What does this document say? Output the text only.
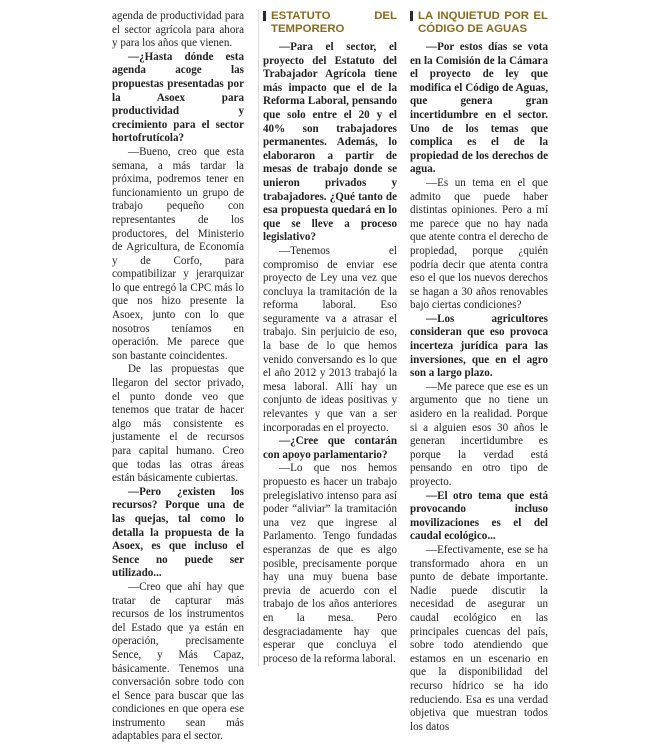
agenda de productividad para el sector agrícola para ahora y para los años que vienen.

—¿Hasta dónde esta agenda acoge las propuestas presentadas por la Asoex para productividad y crecimiento para el sector hortofrutícola?

—Bueno, creo que esta semana, a más tardar la próxima, podremos tener en funcionamiento un grupo de trabajo pequeño con representantes de los productores, del Ministerio de Agricultura, de Economía y de Corfo, para compatibilizar y jerarquizar lo que entregó la CPC más lo que nos hizo presente la Asoex, junto con lo que nosotros teníamos en operación. Me parece que son bastante coincidentes.

De las propuestas que llegaron del sector privado, el punto donde veo que tenemos que tratar de hacer algo más consistente es justamente el de recursos para capital humano. Creo que todas las otras áreas están básicamente cubiertas.

—Pero ¿existen los recursos? Porque una de las quejas, tal como lo detalla la propuesta de la Asoex, es que incluso el Sence no puede ser utilizado...

—Creo que ahí hay que tratar de capturar más recursos de los instrumentos del Estado que ya están en operación, precisamente Sence, y Más Capaz, básicamente. Tenemos una conversación sobre todo con el Sence para buscar que las condiciones en que opera ese instrumento sean más adaptables para el sector.

ESTATUTO DEL TEMPORERO

—Para el sector, el proyecto del Estatuto del Trabajador Agrícola tiene más impacto que el de la Reforma Laboral, pensando que solo entre el 20 y el 40% son trabajadores permanentes. Además, lo elaboraron a partir de mesas de trabajo donde se unieron privados y trabajadores. ¿Qué tanto de esa propuesta quedará en lo que se lleve a proceso legislativo?

—Tenemos el compromiso de enviar ese proyecto de Ley una vez que concluya la tramitación de la reforma laboral. Eso seguramente va a atrasar el trabajo. Sin perjuicio de eso, la base de lo que hemos venido conversando es lo que el año 2012 y 2013 trabajó la mesa laboral. Allí hay un conjunto de ideas positivas y relevantes y que van a ser incorporadas en el proyecto.

—¿Cree que contarán con apoyo parlamentario?

—Lo que nos hemos propuesto es hacer un trabajo prelegislativo intenso para así poder “aliviar” la tramitación una vez que ingrese al Parlamento. Tengo fundadas esperanzas de que es algo posible, precisamente porque hay una muy buena base previa de acuerdo con el trabajo de los años anteriores en la mesa. Pero desgraciadamente hay que esperar que concluya el proceso de la reforma laboral.

LA INQUIETUD POR EL CÓDIGO DE AGUAS

—Por estos días se vota en la Comisión de la Cámara el proyecto de ley que modifica el Código de Aguas, que genera gran incertidumbre en el sector. Uno de los temas que complica es el de la propiedad de los derechos de agua.

—Es un tema en el que admito que puede haber distintas opiniones. Pero a mí me parece que no hay nada que atente contra el derecho de propiedad, porque ¿quién podría decir que atenta contra eso el que los nuevos derechos se hagan a 30 años renovables bajo ciertas condiciones?

—Los agricultores consideran que eso provoca incerteza jurídica para las inversiones, que en el agro son a largo plazo.

—Me parece que ese es un argumento que no tiene un asidero en la realidad. Porque si a alguien esos 30 años le generan incertidumbre es porque la verdad está pensando en otro tipo de proyecto.

—El otro tema que está provocando incluso movilizaciones es el del caudal ecológico...

—Efectivamente, ese se ha transformado ahora en un punto de debate importante. Nadie puede discutir la necesidad de asegurar un caudal ecológico en las principales cuencas del país, sobre todo atendiendo que estamos en un escenario en que la disponibilidad del recurso hídrico se ha ido reduciendo. Esa es una verdad objetiva que muestran todos los datos
